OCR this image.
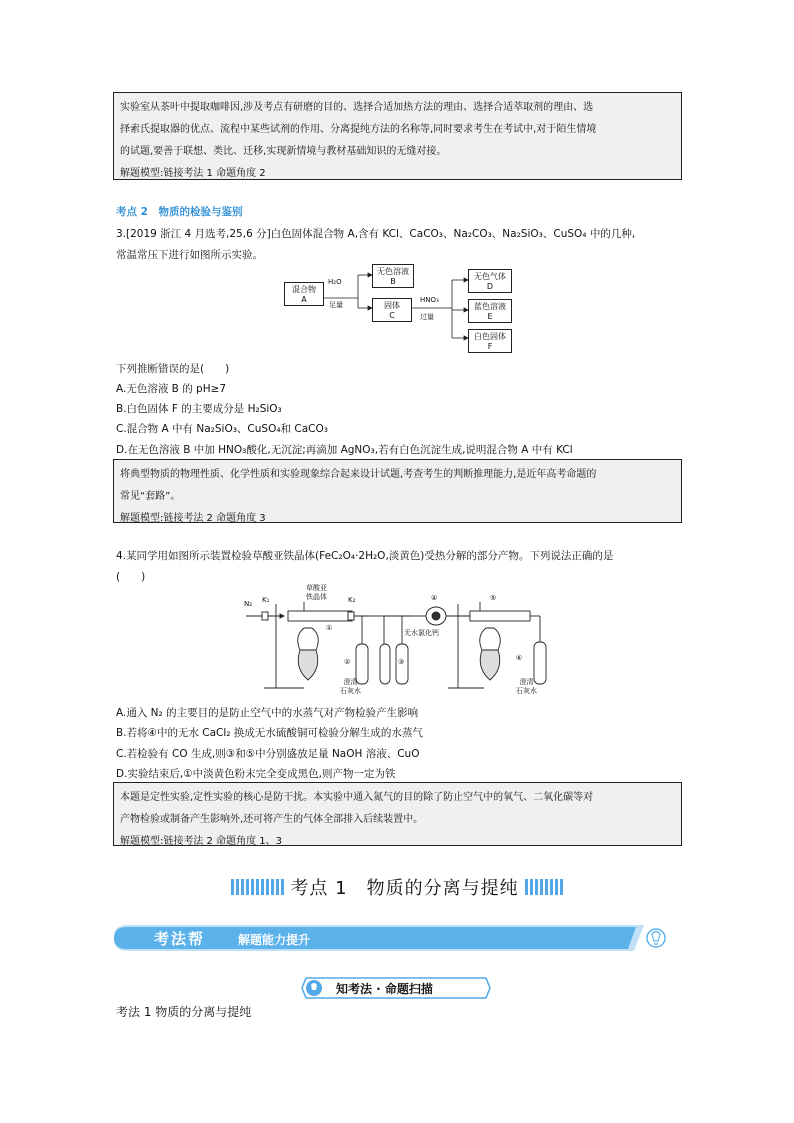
实验室从茶叶中提取咖啡因,涉及考点有研磨的目的、选择合适加热方法的理由、选择合适萃取剂的理由、选

择索氏提取器的优点、流程中某些试剂的作用、分离提纯方法的名称等,同时要求考生在考试中,对于陌生情境

的试题,要善于联想、类比、迁移,实现新情境与教材基础知识的无缝对接。

解题模型:链接考法 1 命题角度 2

考点 2　物质的检验与鉴别
3.[2019 浙江 4 月选考,25,6 分]白色固体混合物 A,含有 KCl、CaCO₃、Na₂CO₃、Na₂SiO₃、CuSO₄ 中的几种,
常温常压下进行如图所示实验。
混合物
A
H₂O
足量
无色溶液
B
固体
C
HNO₃
过量
无色气体
D
蓝色溶液
E
白色固体
F
下列推断错误的是(　　)
A.无色溶液 B 的 pH≥7
B.白色固体 F 的主要成分是 H₂SiO₃
C.混合物 A 中有 Na₂SiO₃、CuSO₄和 CaCO₃
D.在无色溶液 B 中加 HNO₃酸化,无沉淀;再滴加 AgNO₃,若有白色沉淀生成,说明混合物 A 中有 KCl

将典型物质的物理性质、化学性质和实验现象综合起来设计试题,考查考生的判断推理能力,是近年高考命题的

常见“套路”。

解题模型:链接考法 2 命题角度 3

4.某同学用如图所示装置检验草酸亚铁晶体(FeC₂O₄·2H₂O,淡黄色)受热分解的部分产物。下列说法正确的是
(　　)
N₂ K₁	K₂
草酸亚
铁晶体
①
②	③
④	⑤
⑥
无水氯化钙
澄清
石灰水
澄清
石灰水
A.通入 N₂ 的主要目的是防止空气中的水蒸气对产物检验产生影响
B.若将④中的无水 CaCl₂ 换成无水硫酸铜可检验分解生成的水蒸气
C.若检验有 CO 生成,则③和⑤中分别盛放足量 NaOH 溶液、CuO
D.实验结束后,①中淡黄色粉末完全变成黑色,则产物一定为铁

本题是定性实验,定性实验的核心是防干扰。本实验中通入氮气的目的除了防止空气中的氧气、二氧化碳等对

产物检验或制备产生影响外,还可将产生的气体全部排入后续装置中。

解题模型:链接考法 2 命题角度 1、3

考点 1　物质的分离与提纯
考法帮	解题能力提升
知考法 · 命题扫描
考法 1 物质的分离与提纯
